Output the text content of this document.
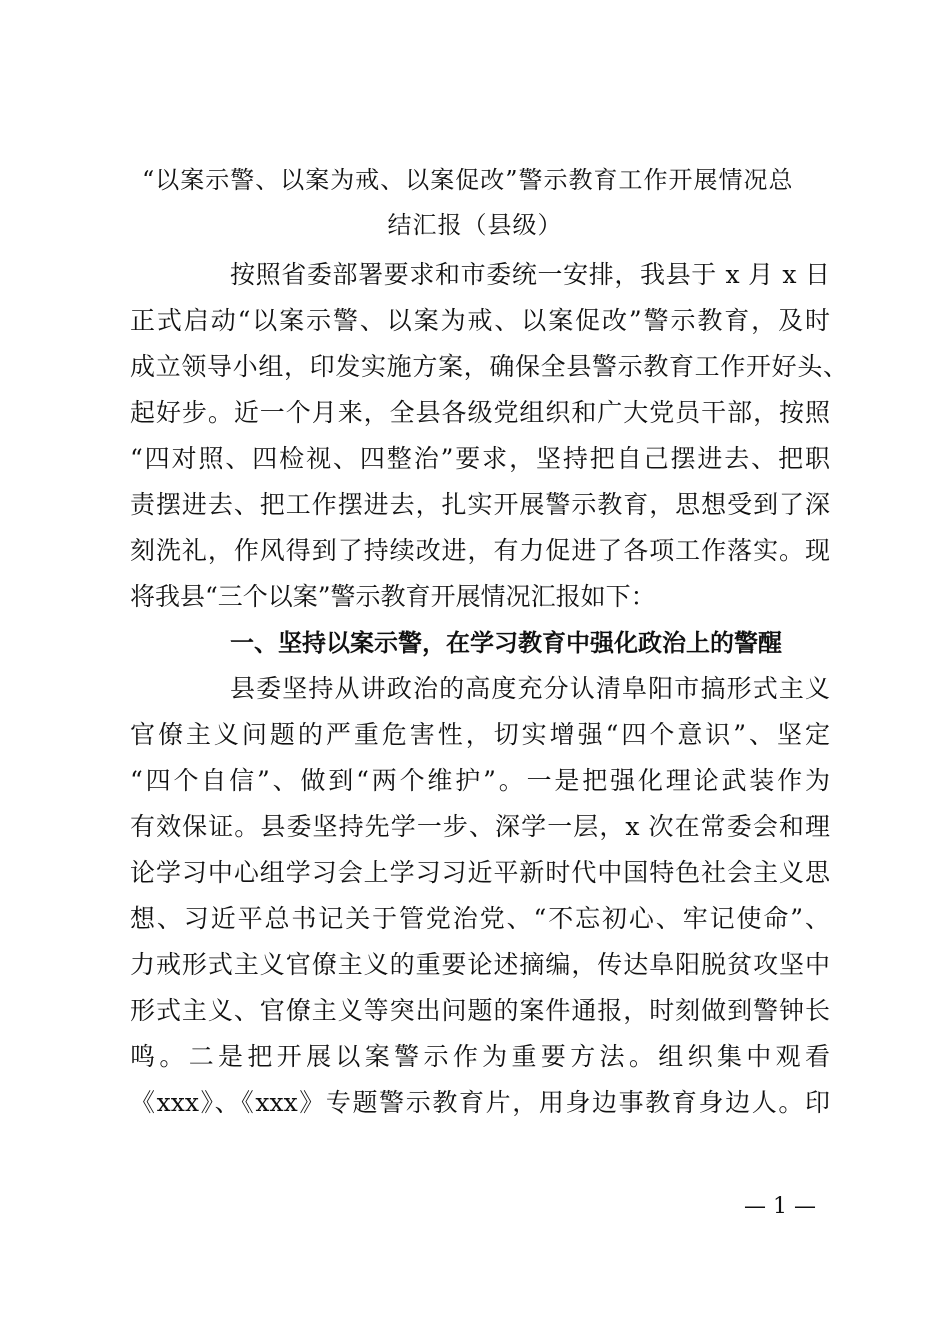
“以案示警、以案为戒、以案促改”警示教育工作开展情况总
结汇报（县级）
按照省委部署要求和市委统一安排，我县于 x 月 x 日
正式启动“以案示警、以案为戒、以案促改”警示教育，及时
成立领导小组，印发实施方案，确保全县警示教育工作开好头、
起好步。近一个月来，全县各级党组织和广大党员干部，按照
“四对照、四检视、四整治”要求，坚持把自己摆进去、把职
责摆进去、把工作摆进去，扎实开展警示教育，思想受到了深
刻洗礼，作风得到了持续改进，有力促进了各项工作落实。现
将我县“三个以案”警示教育开展情况汇报如下：
一、坚持以案示警，在学习教育中强化政治上的警醒
县委坚持从讲政治的高度充分认清阜阳市搞形式主义
官僚主义问题的严重危害性，切实增强“四个意识”、坚定
“四个自信”、做到“两个维护”。一是把强化理论武装作为
有效保证。县委坚持先学一步、深学一层，x 次在常委会和理
论学习中心组学习会上学习习近平新时代中国特色社会主义思
想、习近平总书记关于管党治党、“不忘初心、牢记使命”、
力戒形式主义官僚主义的重要论述摘编，传达阜阳脱贫攻坚中
形式主义、官僚主义等突出问题的案件通报，时刻做到警钟长
鸣。二是把开展以案警示作为重要方法。组织集中观看
《xxx》、《xxx》专题警示教育片，用身边事教育身边人。印
— 1 —
